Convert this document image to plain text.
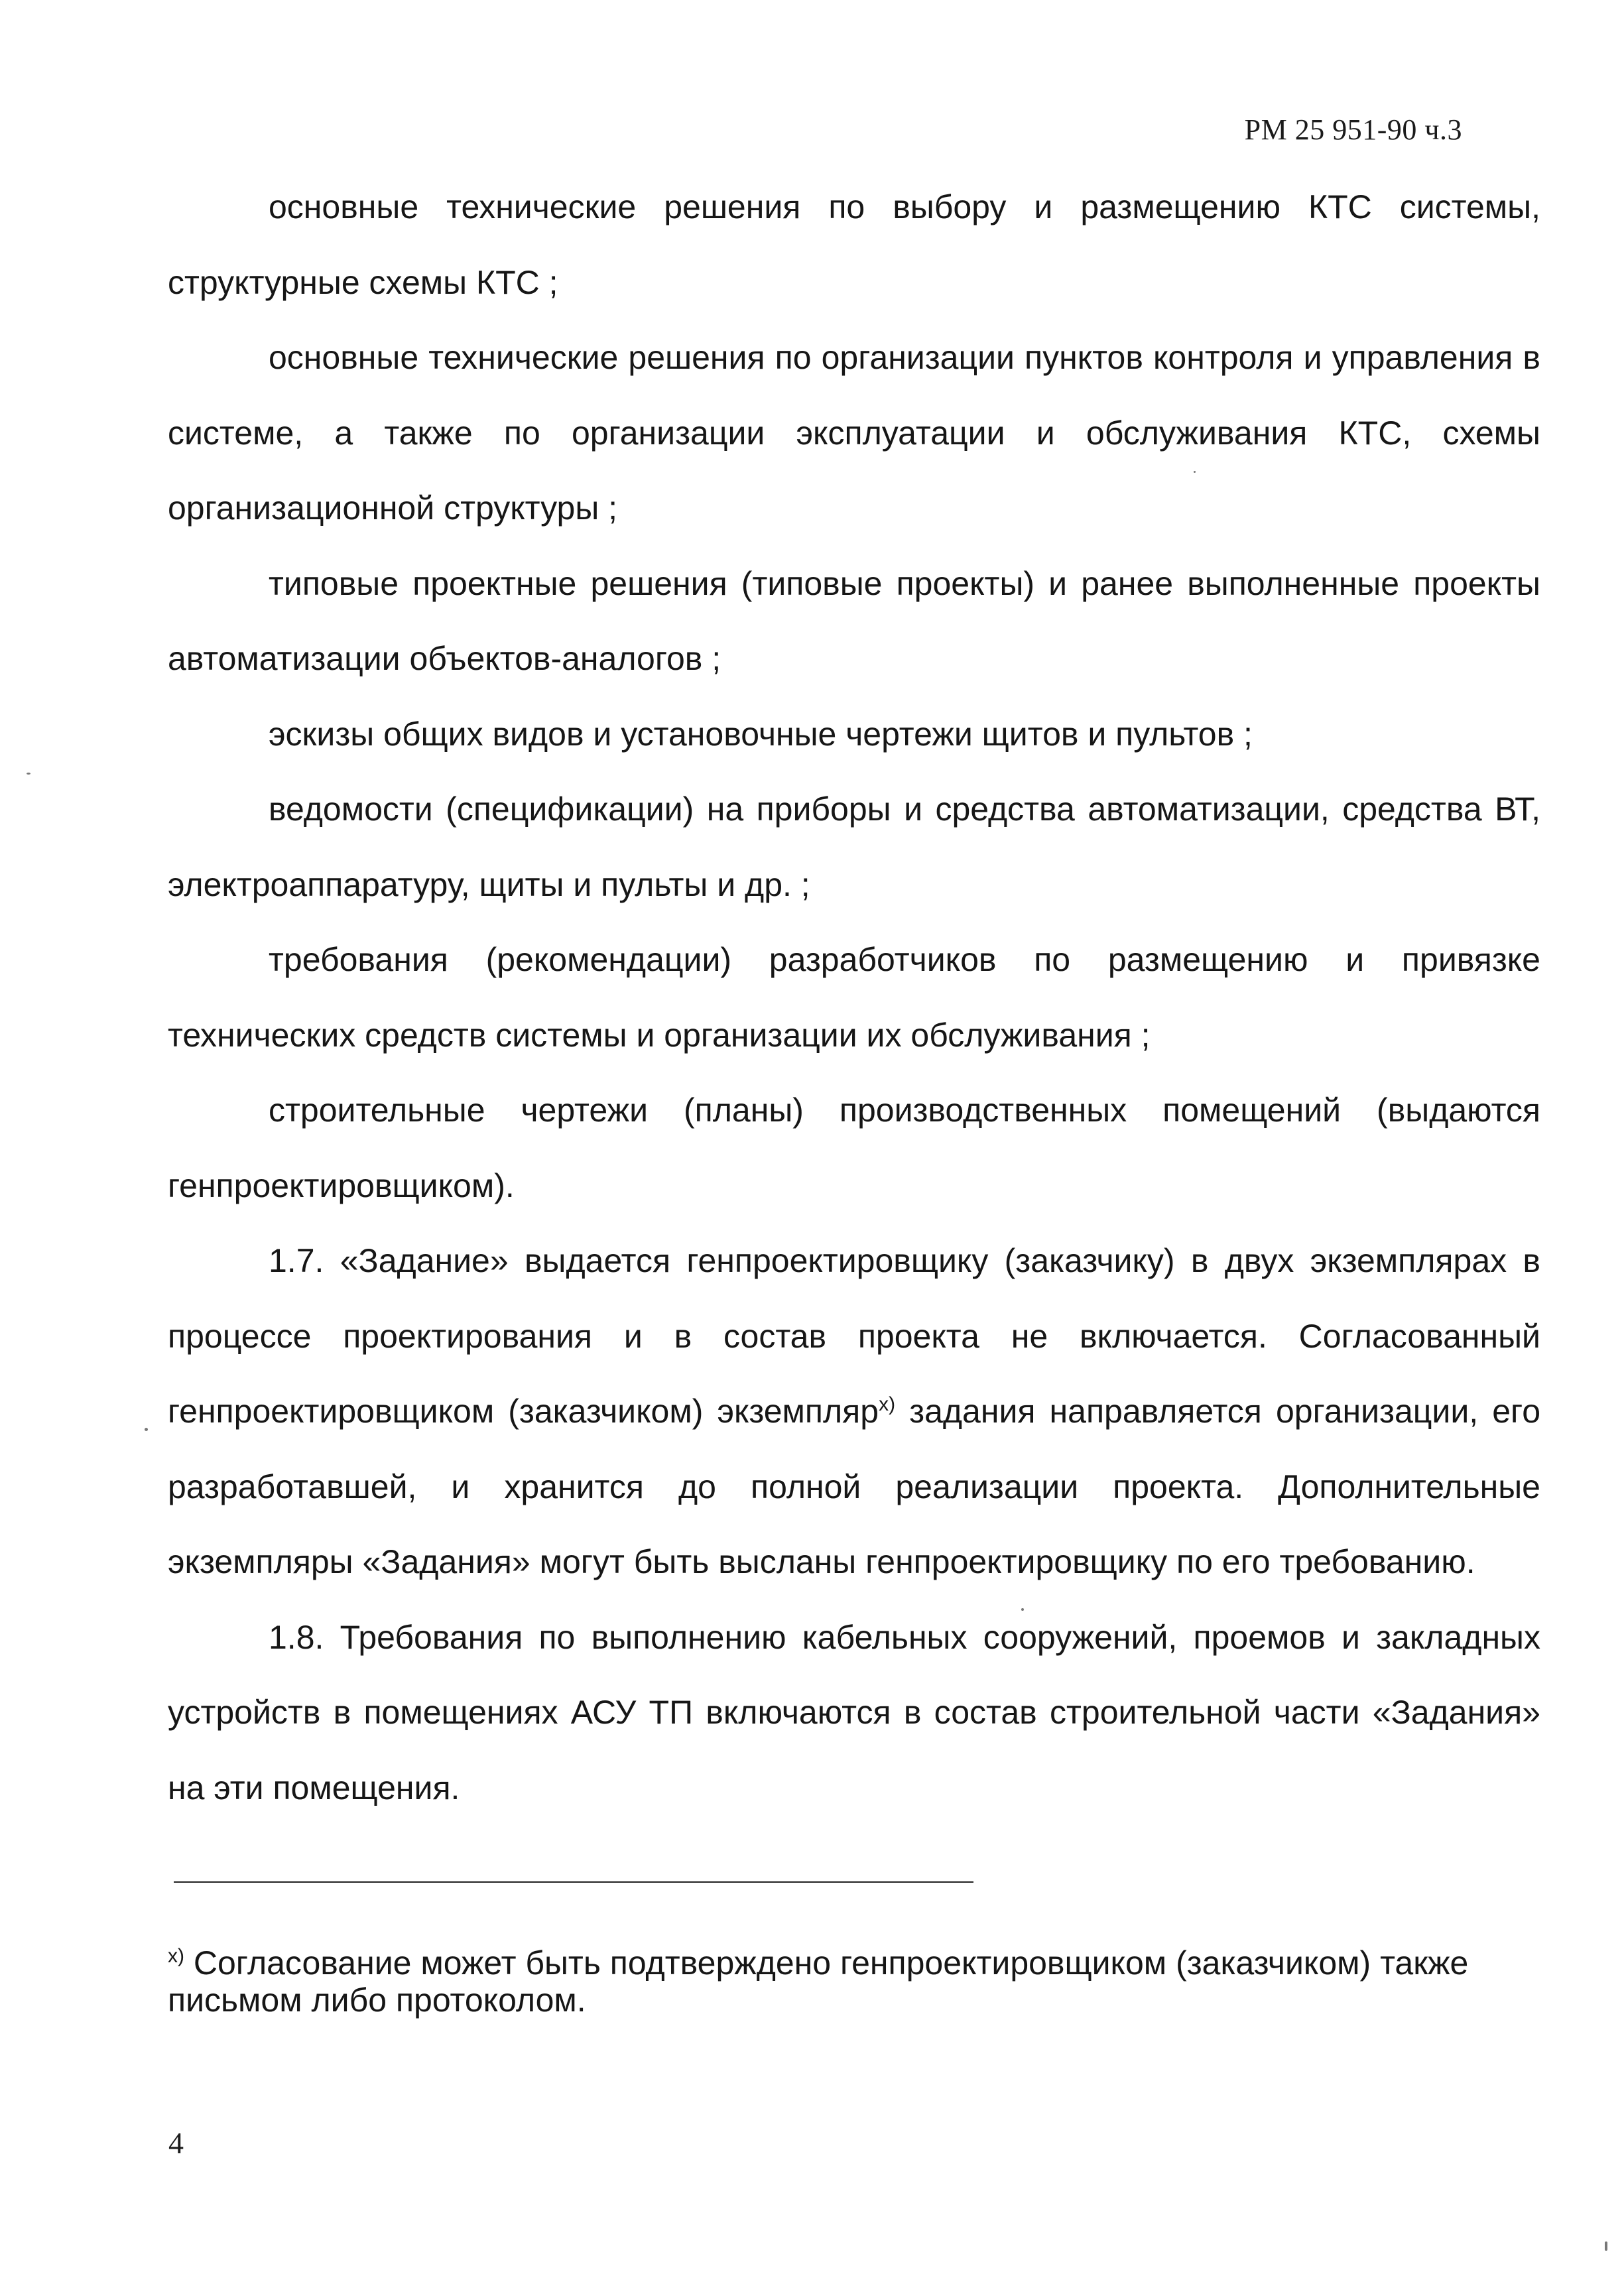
РМ 25 951-90 ч.3

основные технические решения по выбору и размещению КТС системы, структурные схемы КТС ;

основные технические решения по организации пунктов контроля и управления в системе, а также по организации эксплуатации и обслуживания КТС, схемы организационной структуры ;

типовые проектные решения (типовые проекты) и ранее выполненные проекты автоматизации объектов-аналогов ;

эскизы общих видов и установочные чертежи щитов и пультов ;

ведомости (спецификации) на приборы и средства автоматизации, средства ВТ, электроаппаратуру, щиты и пульты и др. ;

требования (рекомендации) разработчиков по размещению и привязке технических средств системы и организации их обслуживания ;

строительные чертежи (планы) производственных помещений (выдаются генпроектировщиком).

1.7. «Задание» выдается генпроектировщику (заказчику) в двух экземплярах в процессе проектирования и в состав проекта не включается. Согласованный генпроектировщиком (заказчиком) экземпляр$^{х)}$ задания направляется организации, его разработавшей, и хранится до полной реализации проекта. Дополнительные экземпляры «Задания» могут быть высланы генпроектировщику по его требованию.

1.8. Требования по выполнению кабельных сооружений, проемов и закладных устройств в помещениях АСУ ТП включаются в состав строительной части «Задания» на эти помещения.

$^{х)}$ Согласование может быть подтверждено генпроектировщиком (заказчиком) также письмом либо протоколом.
4
